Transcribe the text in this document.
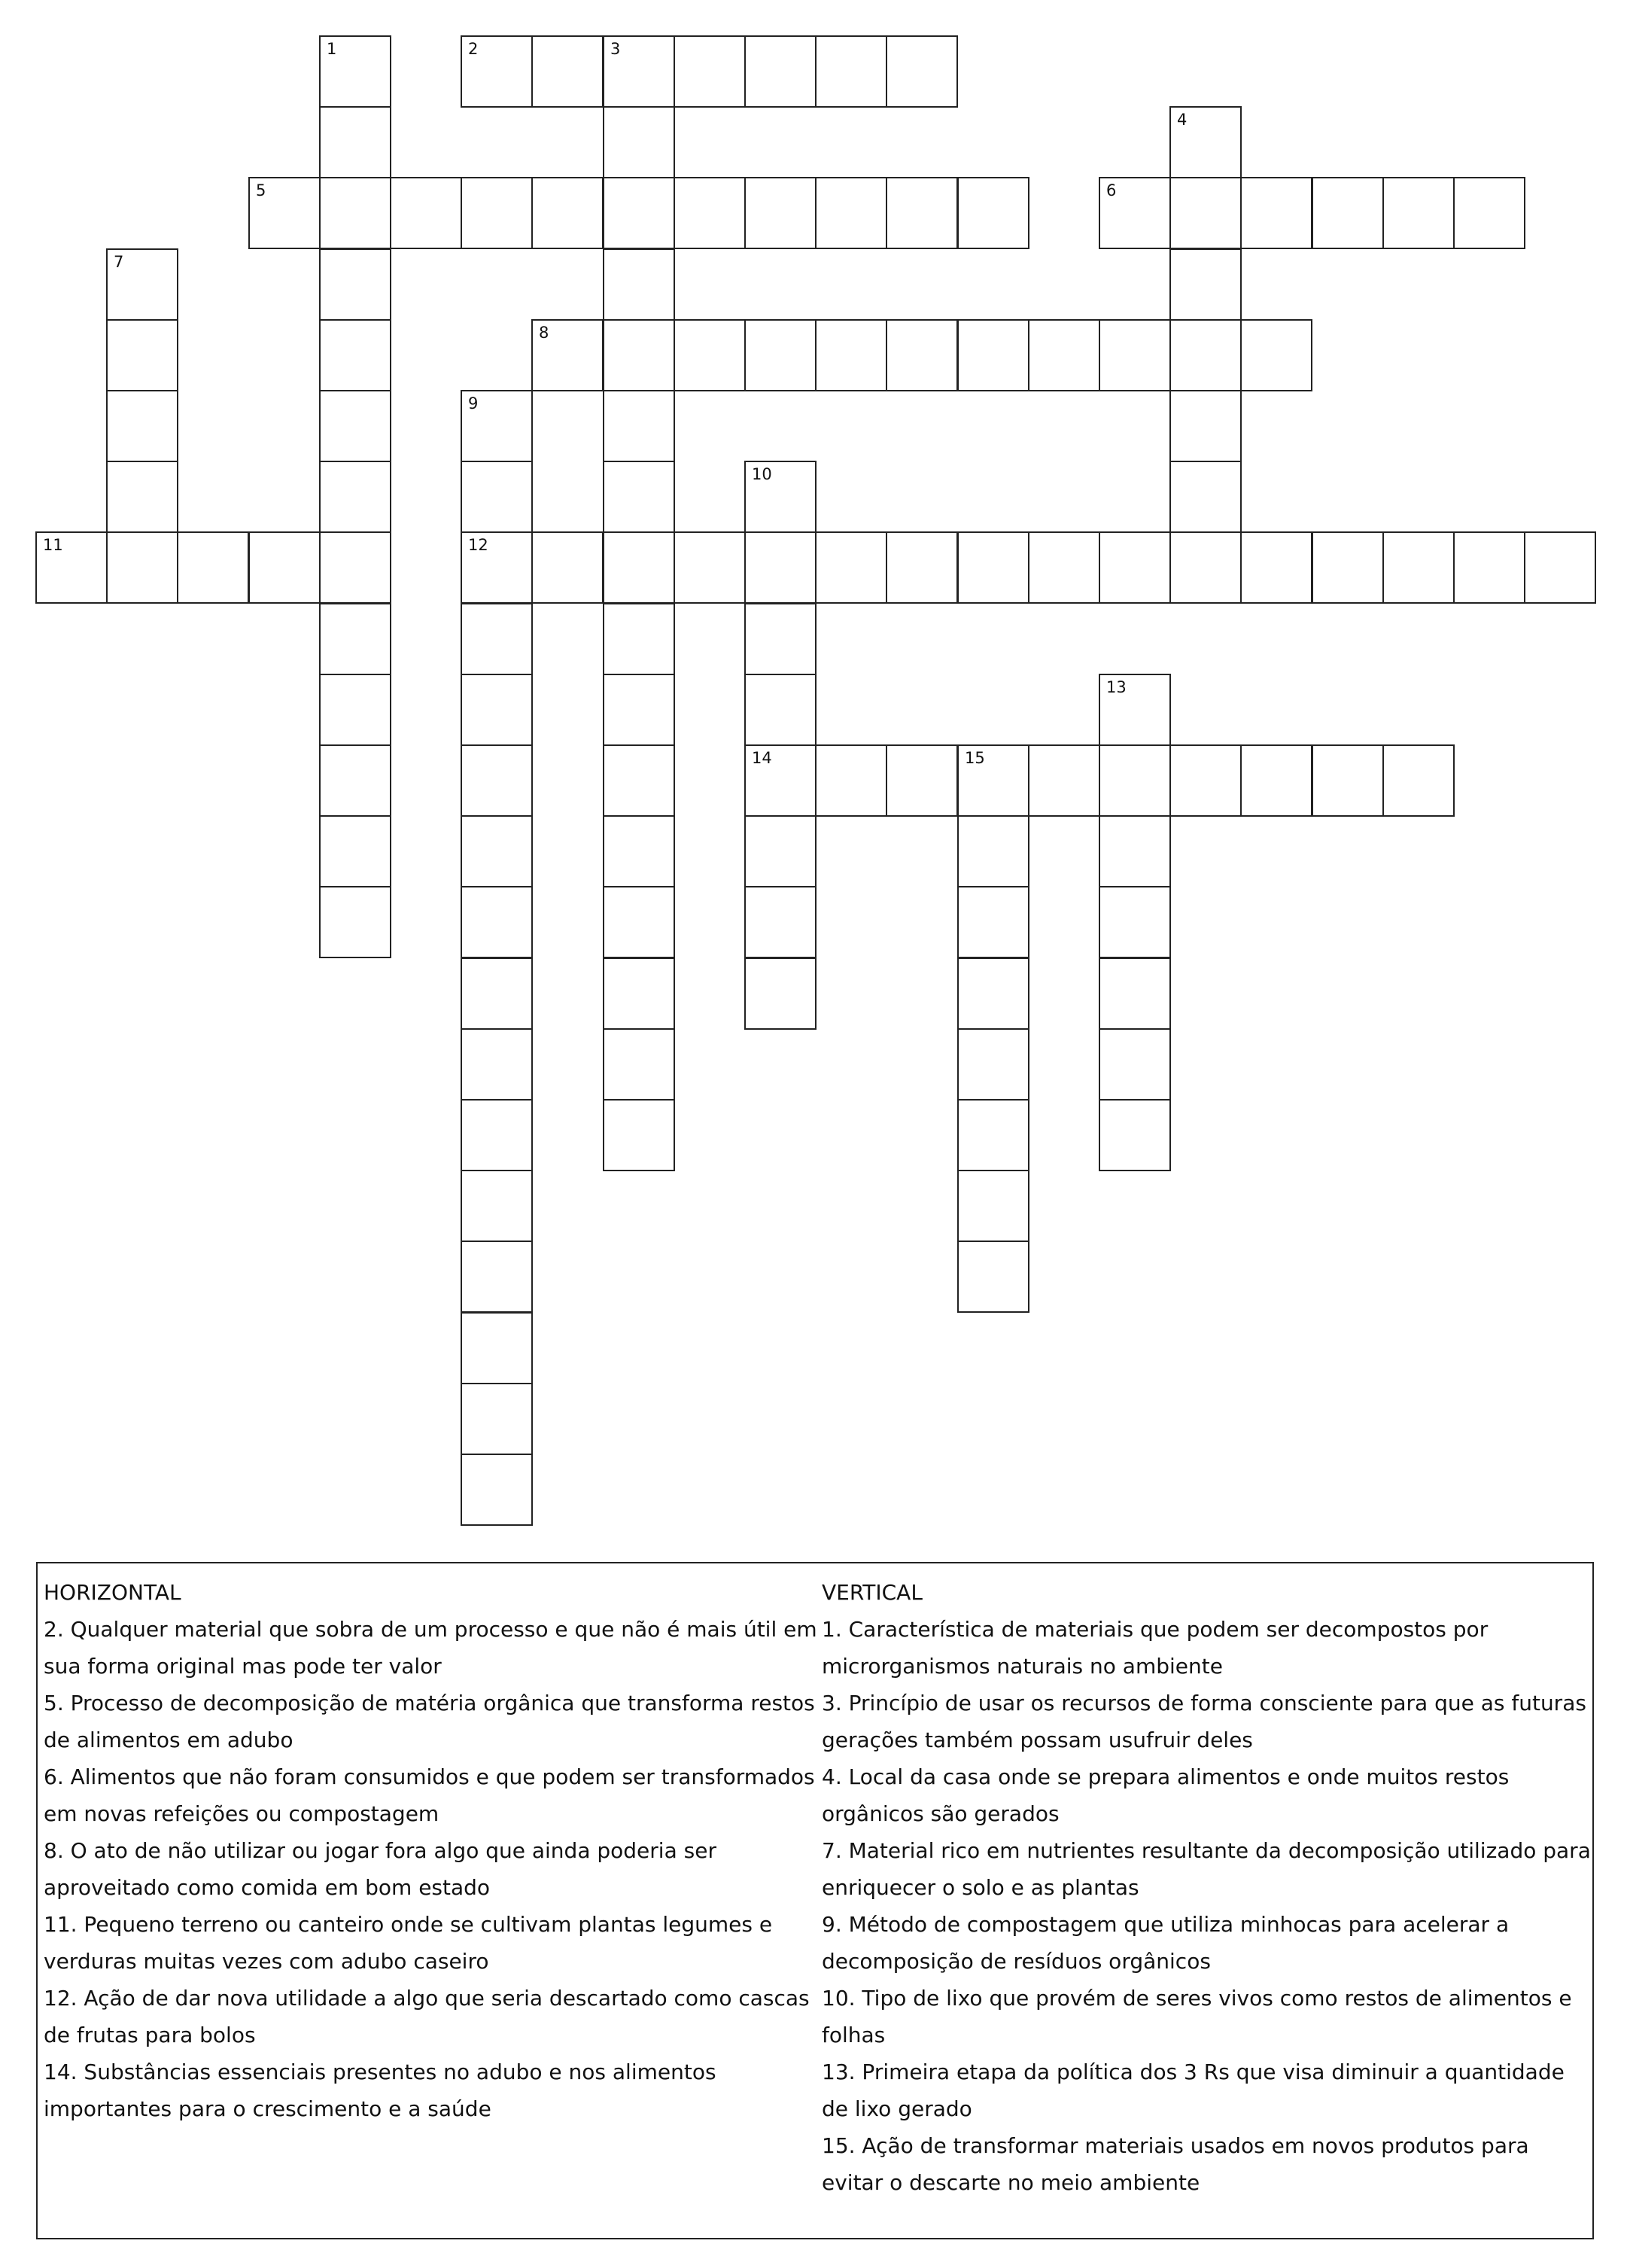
2	3
5	6
8
11	12
14	15
1
4
7
9
10
13

HORIZONTAL

2. Qualquer material que sobra de um processo e que não é mais útil em sua forma original mas pode ter valor

5. Processo de decomposição de matéria orgânica que transforma restos de alimentos em adubo

6. Alimentos que não foram consumidos e que podem ser transformados em novas refeições ou compostagem

8. O ato de não utilizar ou jogar fora algo que ainda poderia ser aproveitado como comida em bom estado

11. Pequeno terreno ou canteiro onde se cultivam plantas legumes e verduras muitas vezes com adubo caseiro

12. Ação de dar nova utilidade a algo que seria descartado como cascas de frutas para bolos

14. Substâncias essenciais presentes no adubo e nos alimentos importantes para o crescimento e a saúde

VERTICAL

1. Característica de materiais que podem ser decompostos por microrganismos naturais no ambiente

3. Princípio de usar os recursos de forma consciente para que as futuras gerações também possam usufruir deles

4. Local da casa onde se prepara alimentos e onde muitos restos orgânicos são gerados

7. Material rico em nutrientes resultante da decomposição utilizado para enriquecer o solo e as plantas

9. Método de compostagem que utiliza minhocas para acelerar a decomposição de resíduos orgânicos

10. Tipo de lixo que provém de seres vivos como restos de alimentos e folhas

13. Primeira etapa da política dos 3 Rs que visa diminuir a quantidade de lixo gerado

15. Ação de transformar materiais usados em novos produtos para evitar o descarte no meio ambiente
